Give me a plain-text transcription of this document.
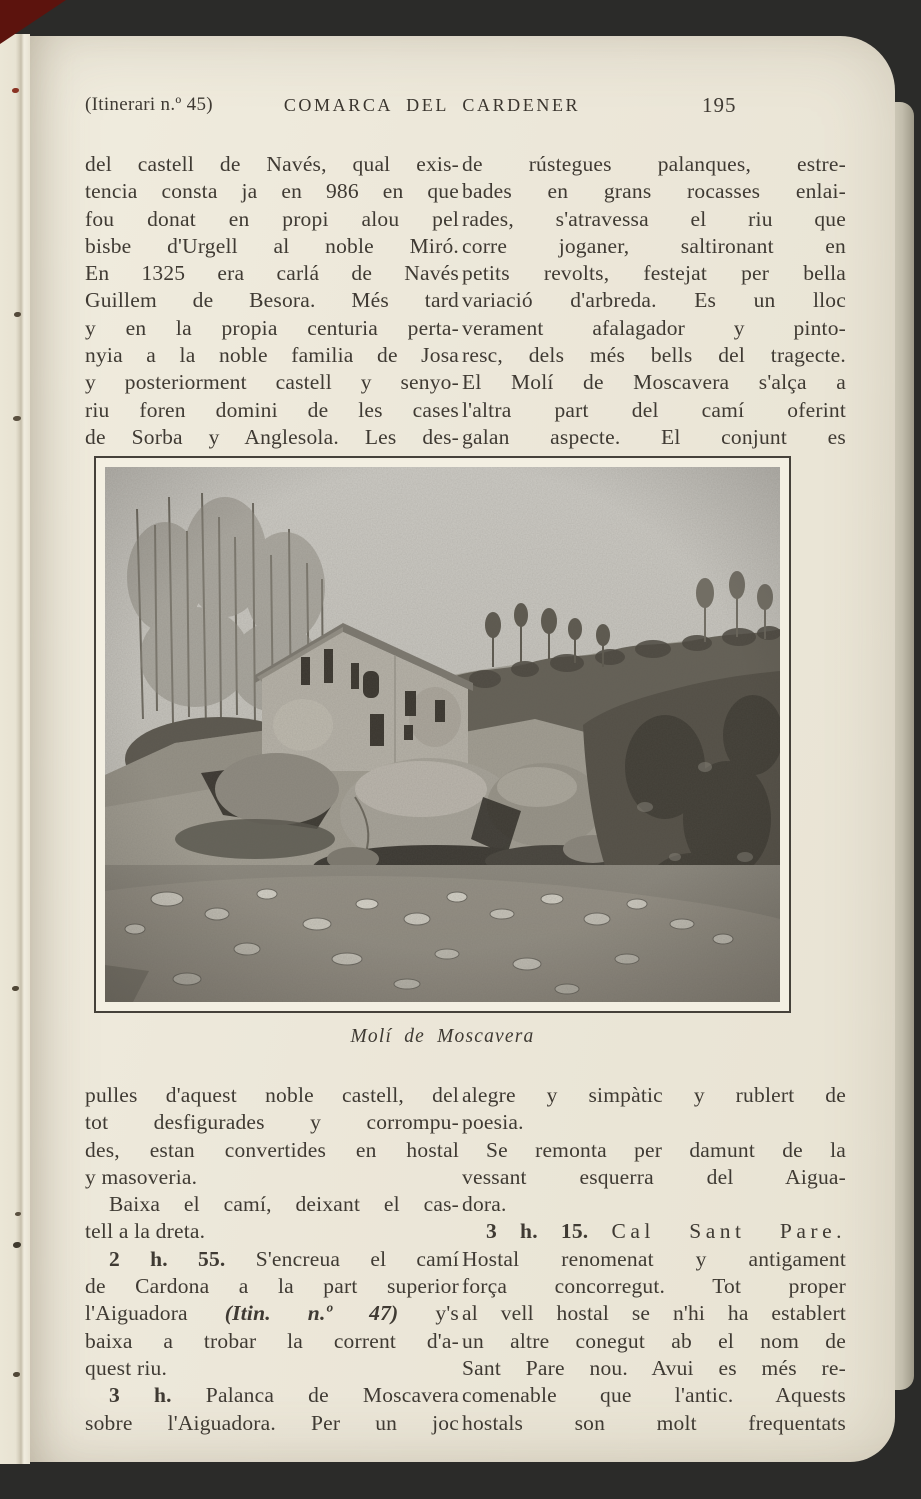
(Itinerari n.º 45)	COMARCA DEL CARDENER	195
del castell de Navés, qual exis-
tencia consta ja en 986 en que
fou donat en propi alou pel
bisbe d'Urgell al noble Miró.
En 1325 era carlá de Navés
Guillem de Besora. Més tard
y en la propia centuria perta-
nyia a la noble familia de Josa
y posteriorment castell y senyo-
riu foren domini de les cases
de Sorba y Anglesola. Les des-
de rústegues palanques, estre-
bades en grans rocasses enlai-
rades, s'atravessa el riu que
corre joganer, saltironant en
petits revolts, festejat per bella
variació d'arbreda. Es un lloc
verament afalagador y pinto-
resc, dels més bells del tragecte.
El Molí de Moscavera s'alça a
l'altra part del camí oferint
galan aspecte. El conjunt es
Molí de Moscavera
pulles d'aquest noble castell, del
tot desfigurades y corrompu-
des, estan convertides en hostal
y masoveria.
Baixa el camí, deixant el cas-
tell a la dreta.
2 h. 55. S'encreua el camí
de Cardona a la part superior
l'Aiguadora (Itin. n.º 47) y's
baixa a trobar la corrent d'a-
quest riu.
3 h. Palanca de Moscavera
sobre l'Aiguadora. Per un joc
alegre y simpàtic y rublert de
poesia.
Se remonta per damunt de la
vessant esquerra del Aigua-
dora.
3 h. 15. Cal Sant Pare.
Hostal renomenat y antigament
força concorregut. Tot proper
al vell hostal se n'hi ha establert
un altre conegut ab el nom de
Sant Pare nou. Avui es més re-
comenable que l'antic. Aquests
hostals son molt frequentats
